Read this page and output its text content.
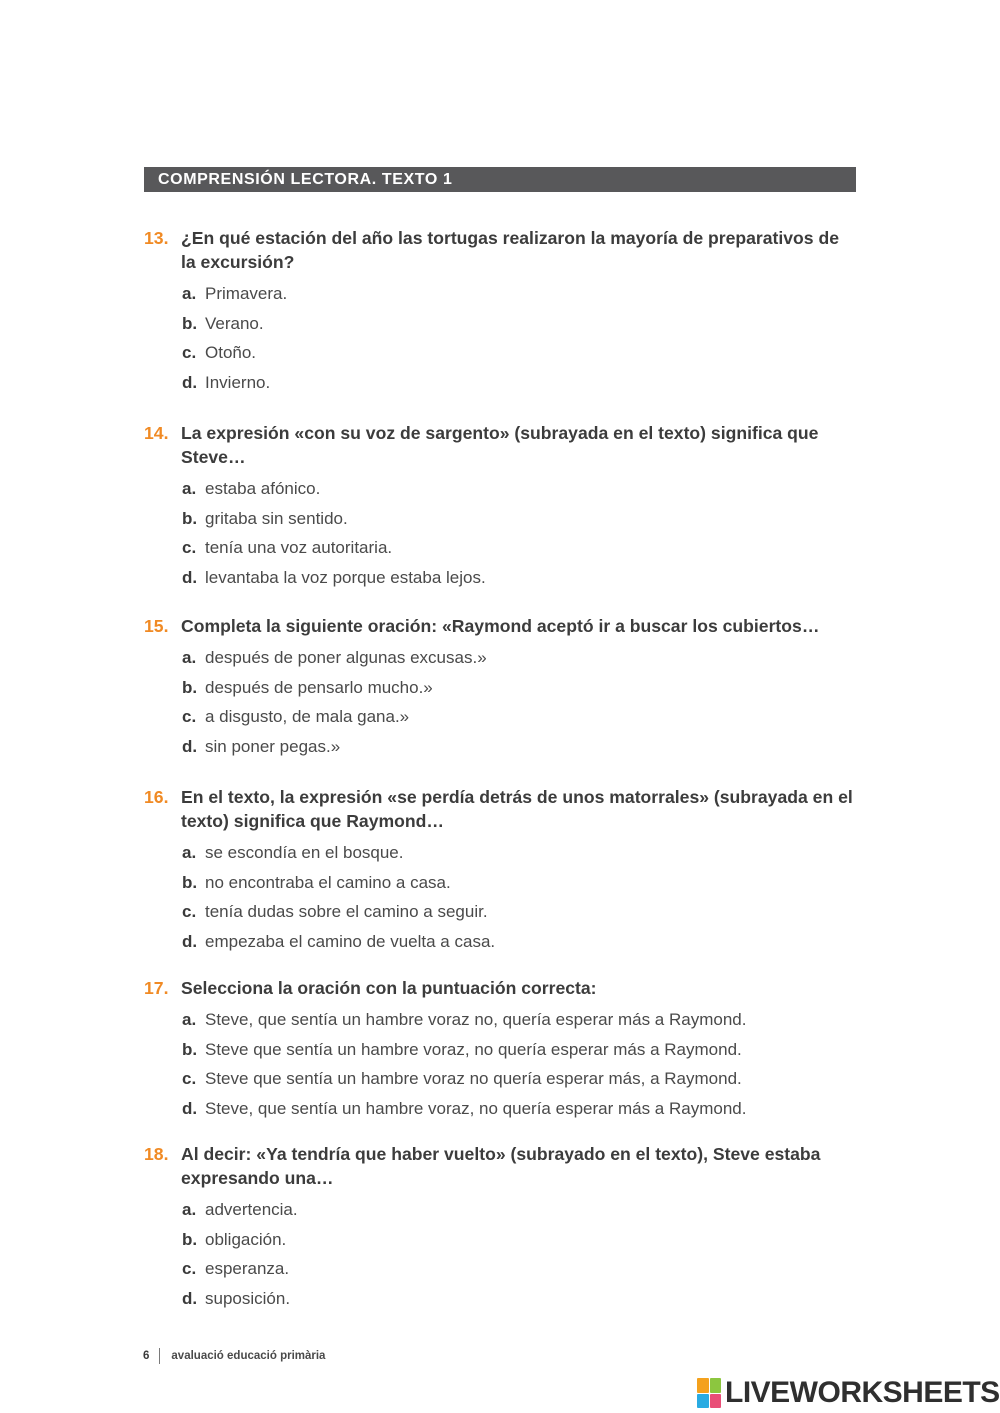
COMPRENSIÓN LECTORA. TEXTO 1
13. ¿En qué estación del año las tortugas realizaron la mayoría de preparativos de la excursión?
a. Primavera.
b. Verano.
c. Otoño.
d. Invierno.
14. La expresión «con su voz de sargento» (subrayada en el texto) significa que Steve…
a. estaba afónico.
b. gritaba sin sentido.
c. tenía una voz autoritaria.
d. levantaba la voz porque estaba lejos.
15. Completa la siguiente oración: «Raymond aceptó ir a buscar los cubiertos…
a. después de poner algunas excusas.»
b. después de pensarlo mucho.»
c. a disgusto, de mala gana.»
d. sin poner pegas.»
16. En el texto, la expresión «se perdía detrás de unos matorrales» (subrayada en el texto) significa que Raymond…
a. se escondía en el bosque.
b. no encontraba el camino a casa.
c. tenía dudas sobre el camino a seguir.
d. empezaba el camino de vuelta a casa.
17. Selecciona la oración con la puntuación correcta:
a. Steve, que sentía un hambre voraz no, quería esperar más a Raymond.
b. Steve que sentía un hambre voraz, no quería esperar más a Raymond.
c. Steve que sentía un hambre voraz no quería esperar más, a Raymond.
d. Steve, que sentía un hambre voraz, no quería esperar más a Raymond.
18. Al decir: «Ya tendría que haber vuelto» (subrayado en el texto), Steve estaba expresando una…
a. advertencia.
b. obligación.
c. esperanza.
d. suposición.
6 avaluació educació primària
LIVEWORKSHEETS
